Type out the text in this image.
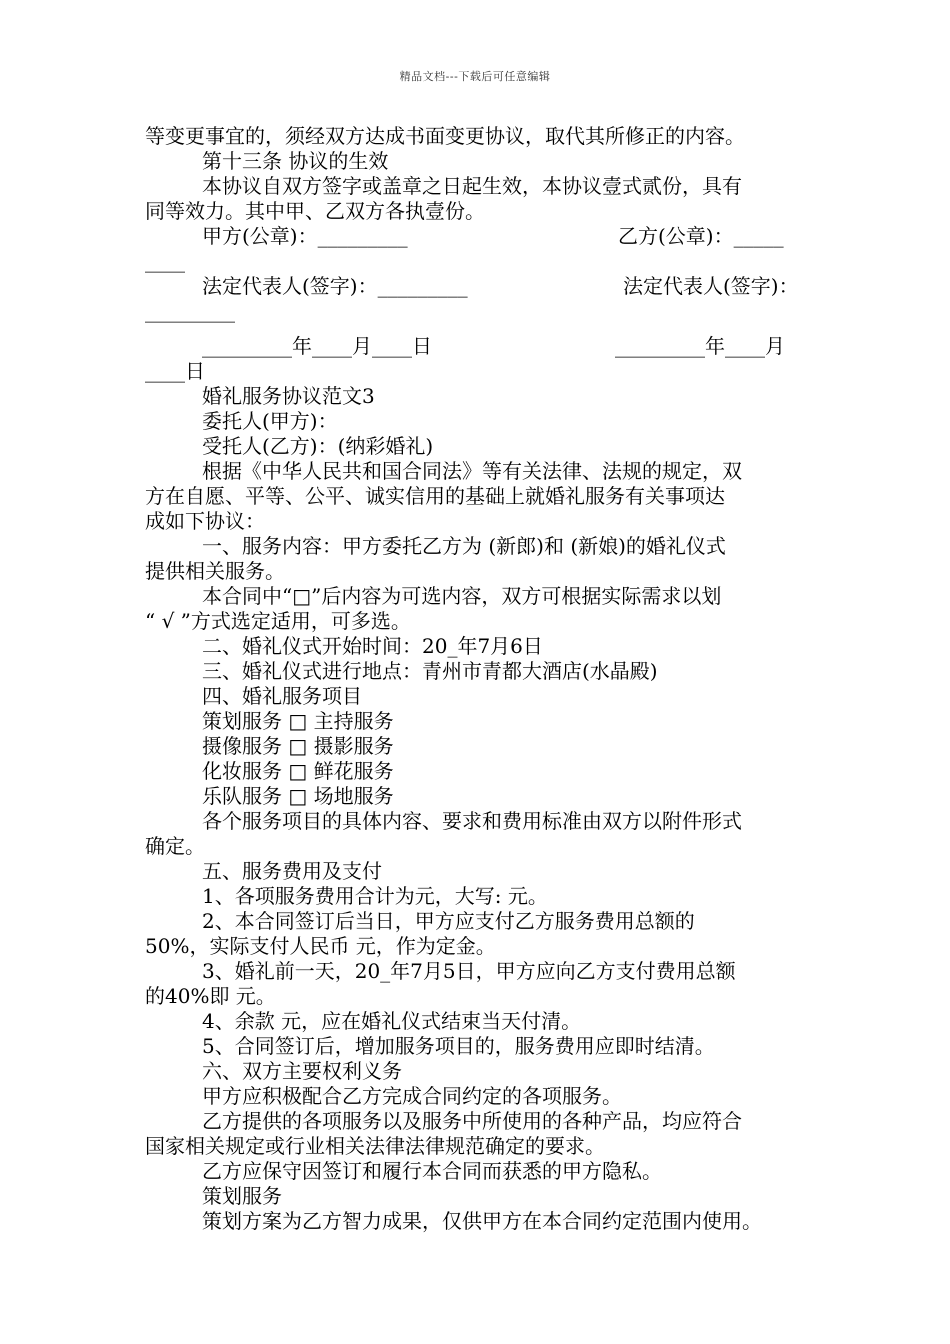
精品文档---下载后可任意编辑
等变更事宜的，须经双方达成书面变更协议，取代其所修正的内容。
第十三条 协议的生效
本协议自双方签字或盖章之日起生效，本协议壹式贰份，具有
同等效力。其中甲、乙双方各执壹份。
甲方(公章)：_________	乙方(公章)：_____
____
法定代表人(签字)：_________	法定代表人(签字)：
_________
_________年____月____日	_________年____月
____日
婚礼服务协议范文3
委托人(甲方)：
受托人(乙方)：(纳彩婚礼)
根据《中华人民共和国合同法》等有关法律、法规的规定，双
方在自愿、平等、公平、诚实信用的基础上就婚礼服务有关事项达
成如下协议：
一、服务内容：甲方委托乙方为 (新郎)和 (新娘)的婚礼仪式
提供相关服务。
本合同中“□”后内容为可选内容，双方可根据实际需求以划
“ √ ”方式选定适用，可多选。
二、婚礼仪式开始时间：20_年7月6日
三、婚礼仪式进行地点：青州市青都大酒店(水晶殿)
四、婚礼服务项目
策划服务 □ 主持服务
摄像服务 □ 摄影服务
化妆服务 □ 鲜花服务
乐队服务 □ 场地服务
各个服务项目的具体内容、要求和费用标准由双方以附件形式
确定。
五、服务费用及支付
1、各项服务费用合计为元，大写: 元。
2、本合同签订后当日，甲方应支付乙方服务费用总额的
50%，实际支付人民币 元，作为定金。
3、婚礼前一天，20_年7月5日，甲方应向乙方支付费用总额
的40%即 元。
4、余款 元，应在婚礼仪式结束当天付清。
5、合同签订后，增加服务项目的，服务费用应即时结清。
六、双方主要权利义务
甲方应积极配合乙方完成合同约定的各项服务。
乙方提供的各项服务以及服务中所使用的各种产品，均应符合
国家相关规定或行业相关法律法律规范确定的要求。
乙方应保守因签订和履行本合同而获悉的甲方隐私。
策划服务
策划方案为乙方智力成果，仅供甲方在本合同约定范围内使用。
